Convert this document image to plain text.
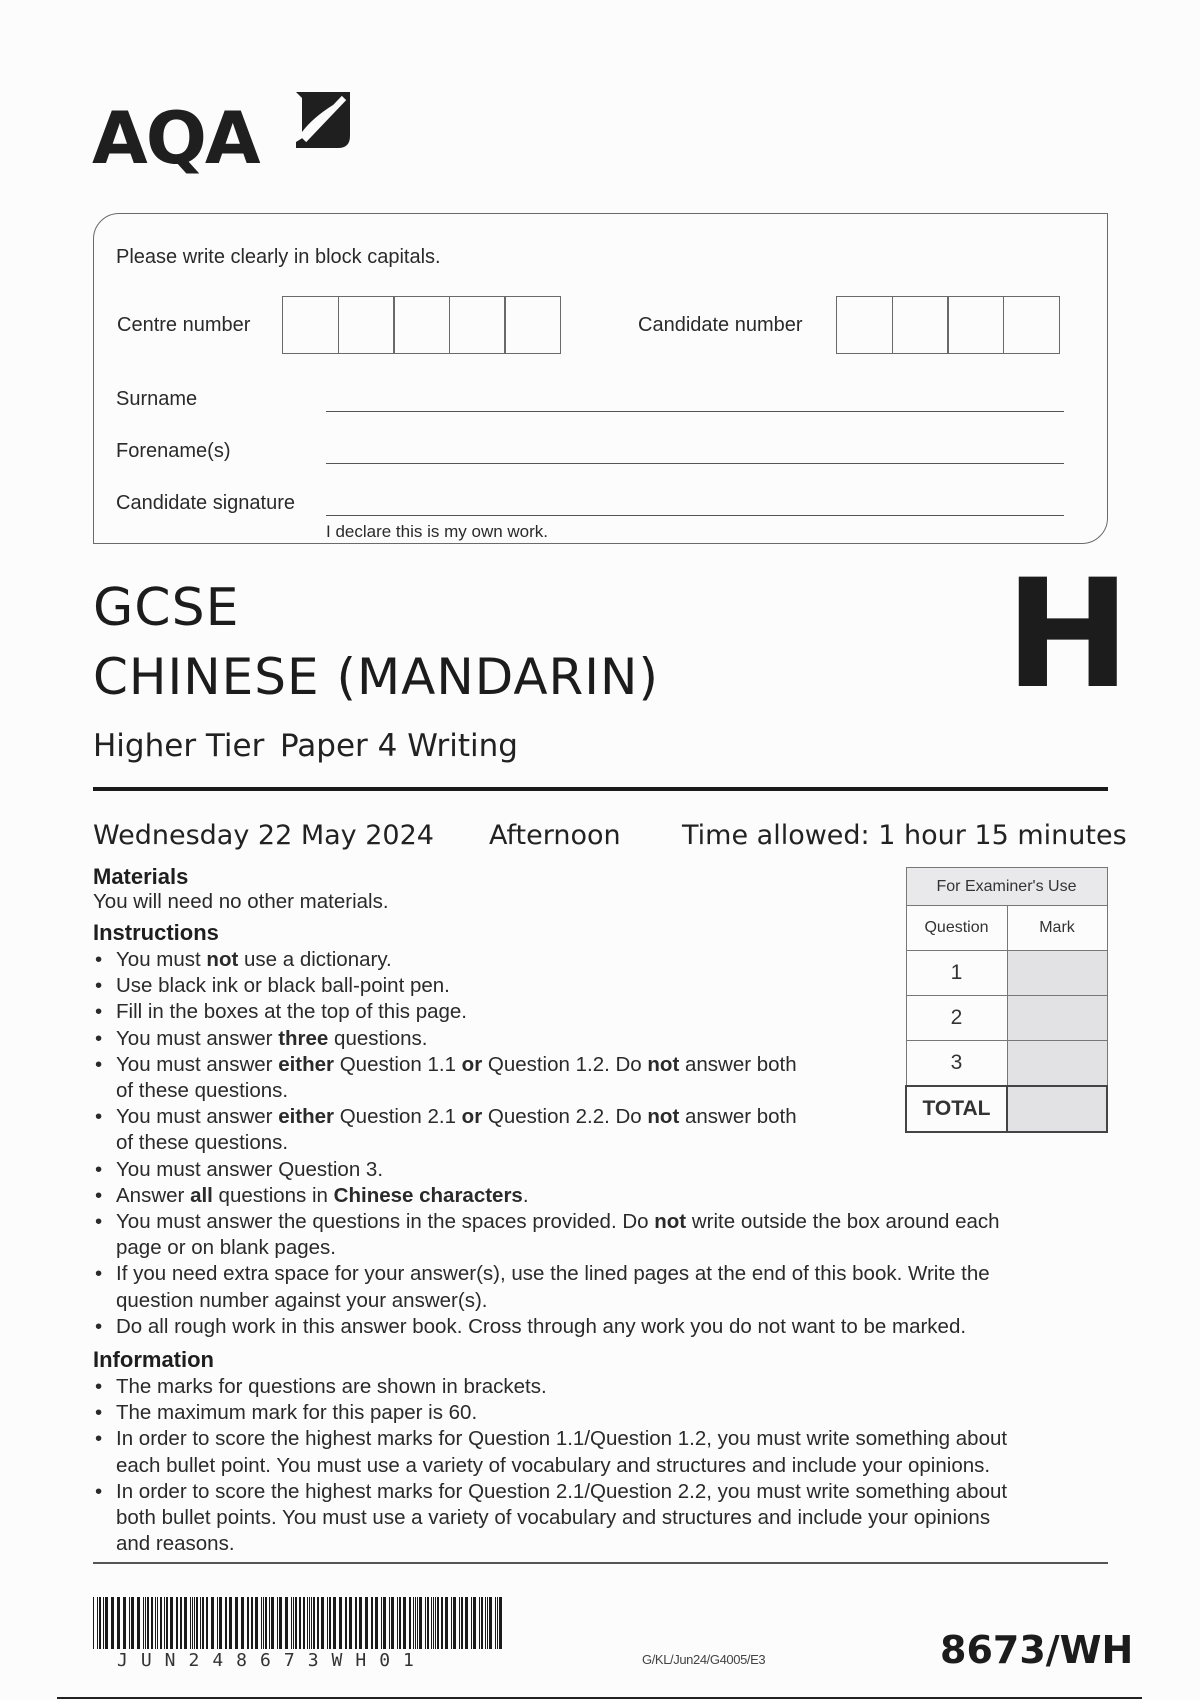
AQA
Please write clearly in block capitals.
Centre number	Candidate number
Surname
Forename(s)
Candidate signature
I declare this is my own work.
GCSE
CHINESE (MANDARIN)
Higher Tier Paper 4 Writing
H
Wednesday 22 May 2024 Afternoon Time allowed: 1 hour 15 minutes
Materials
You will need no other materials.
Instructions
• You must not use a dictionary.
• Use black ink or black ball-point pen.
• Fill in the boxes at the top of this page.
• You must answer three questions.
• You must answer either Question 1.1 or Question 1.2. Do not answer both
of these questions.
• You must answer either Question 2.1 or Question 2.2. Do not answer both
of these questions.
• You must answer Question 3.
• Answer all questions in Chinese characters.
• You must answer the questions in the spaces provided. Do not write outside the box around each
page or on blank pages.
• If you need extra space for your answer(s), use the lined pages at the end of this book. Write the
question number against your answer(s).
• Do all rough work in this answer book. Cross through any work you do not want to be marked.
Information
• The marks for questions are shown in brackets.
• The maximum mark for this paper is 60.
• In order to score the highest marks for Question 1.1/Question 1.2, you must write something about
each bullet point. You must use a variety of vocabulary and structures and include your opinions.
• In order to score the highest marks for Question 2.1/Question 2.2, you must write something about
both bullet points. You must use a variety of vocabulary and structures and include your opinions
and reasons.
For Examiner's Use	
Question	Mark
1	
2	
3	
TOTAL	
JUN248673WH01	G/KL/Jun24/G4005/E3	8673/WH
